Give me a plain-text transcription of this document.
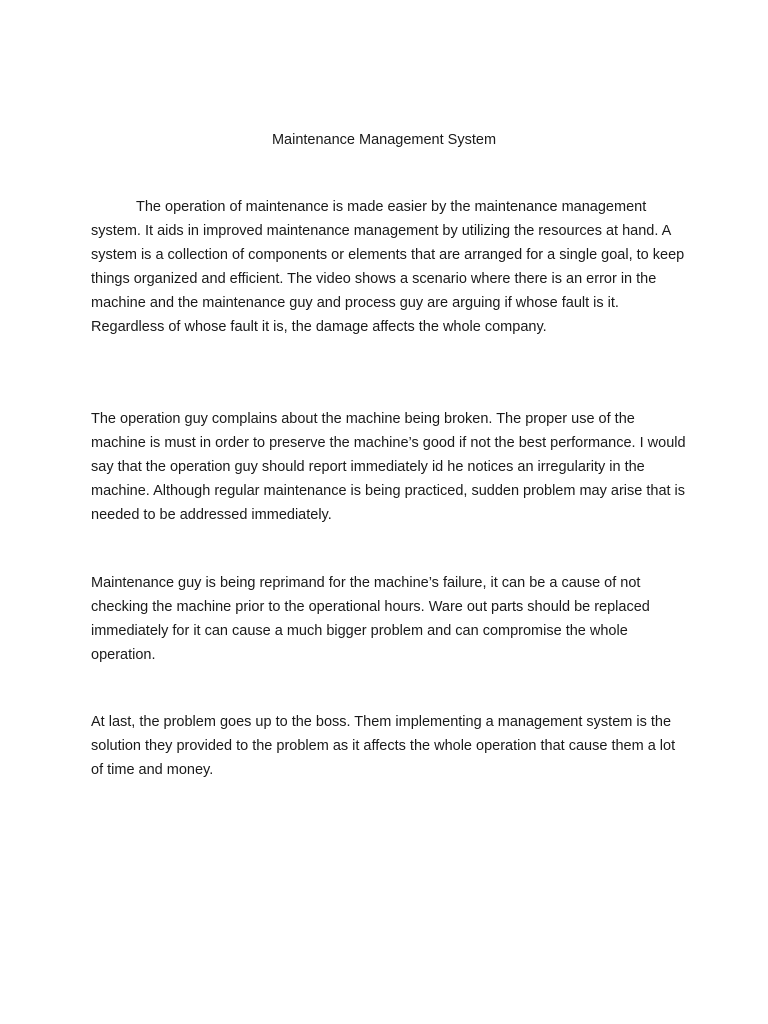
Maintenance Management System

The operation of maintenance is made easier by the maintenance management system. It aids in improved maintenance management by utilizing the resources at hand. A system is a collection of components or elements that are arranged for a single goal, to keep things organized and efficient. The video shows a scenario where there is an error in the machine and the maintenance guy and process guy are arguing if whose fault is it. Regardless of whose fault it is, the damage affects the whole company.

The operation guy complains about the machine being broken. The proper use of the machine is must in order to preserve the machine’s good if not the best performance. I would say that the operation guy should report immediately id he notices an irregularity in the machine. Although regular maintenance is being practiced, sudden problem may arise that is needed to be addressed immediately.

Maintenance guy is being reprimand for the machine’s failure, it can be a cause of not checking the machine prior to the operational hours. Ware out parts should be replaced immediately for it can cause a much bigger problem and can compromise the whole operation.

At last, the problem goes up to the boss. Them implementing a management system is the solution they provided to the problem as it affects the whole operation that cause them a lot of time and money.
